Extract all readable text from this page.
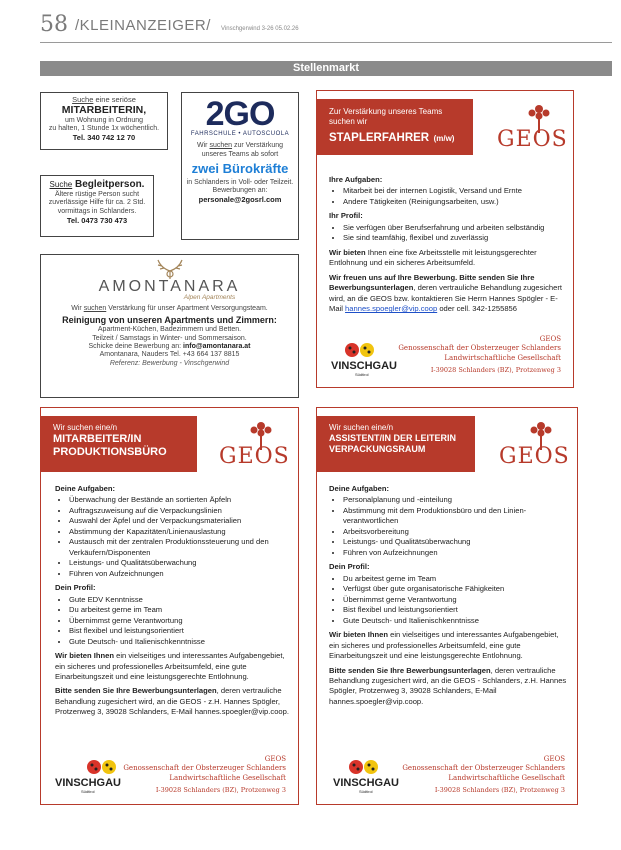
58 /KLEINANZEIGER/ Vinschgerwind 3-26 05.02.26
Stellenmarkt
Suche eine seriöse
MITARBEITERIN,
um Wohnung in Ordnung
zu halten, 1 Stunde 1x wöchentlich.
Tel. 340 742 12 70
Suche Begleitperson.
Ältere rüstige Person sucht
zuverlässige Hilfe für ca. 2 Std.
vormittags in Schlanders.
Tel. 0473 730 473
2GO
FAHRSCHULE • AUTOSCUOLA
Wir suchen zur Verstärkung
unseres Teams ab sofort
zwei Bürokräfte
in Schlanders in Voll- oder Teilzeit.
Bewerbungen an:
personale@2gosrl.com
AMONTANARA
Alpen Apartments
Wir suchen Verstärkung für unser Apartment Versorgungsteam.
Reinigung von unseren Apartments und Zimmern:
Apartment-Küchen, Badezimmern und Betten.
Teilzeit / Samstags in Winter- und Sommersaison.
Schicke deine Bewerbung an: info@amontanara.at
Amontanara, Nauders Tel. +43 664 137 8815
Referenz: Bewerbung - Vinschgerwind
Zur Verstärkung unseres Teams
suchen wir
STAPLERFAHRER (m/w)	GEOS
Ihre Aufgaben:
• Mitarbeit bei der internen Logistik, Versand und Ernte
• Andere Tätigkeiten (Reinigungsarbeiten, usw.)
Ihr Profil:
• Sie verfügen über Berufserfahrung und arbeiten selbständig
• Sie sind teamfähig, flexibel und zuverlässig

Wir bieten Ihnen eine fixe Arbeitsstelle mit leistungsgerechter Entlohnung und ein sicheres Arbeitsumfeld.

Wir freuen uns auf Ihre Bewerbung. Bitte senden Sie Ihre Bewerbungsunterlagen, deren vertrauliche Behandlung zugesichert wird, an die GEOS bzw. kontaktieren Sie Herrn Hannes Spögler - E-Mail hannes.spoegler@vip.coop oder cell. 342-1255856

VINSCHGAU
Südtirol
GEOS
Genossenschaft der Obsterzeuger Schlanders
Landwirtschaftliche Gesellschaft
I-39028 Schlanders (BZ), Protzenweg 3
Wir suchen eine/n
MITARBEITER/IN
PRODUKTIONSBÜRO	GEOS
Deine Aufgaben:
• Überwachung der Bestände an sortierten Äpfeln
• Auftragszuweisung auf die Verpackungslinien
• Auswahl der Äpfel und der Verpackungsmaterialien
• Abstimmung der Kapazitäten/Linienauslastung
• Austausch mit der zentralen Produktionssteuerung und den Verkäufern/Disponenten
• Leistungs- und Qualitätsüberwachung
• Führen von Aufzeichnungen
Dein Profil:
• Gute EDV Kenntnisse
• Du arbeitest gerne im Team
• Übernimmst gerne Verantwortung
• Bist flexibel und leistungsorientiert
• Gute Deutsch- und Italienischkenntnisse

Wir bieten Ihnen ein vielseitiges und interessantes Aufgabengebiet, ein sicheres und professionelles Arbeitsumfeld, eine gute Einarbeitungszeit und eine leistungsgerechte Entlohnung.

Bitte senden Sie Ihre Bewerbungsunterlagen, deren vertrauliche Behandlung zugesichert wird, an die GEOS - z.H. Hannes Spögler, Protzenweg 3, 39028 Schlanders, E-Mail hannes.spoegler@vip.coop.

VINSCHGAU
Südtirol
GEOS
Genossenschaft der Obsterzeuger Schlanders
Landwirtschaftliche Gesellschaft
I-39028 Schlanders (BZ), Protzenweg 3
Wir suchen eine/n
ASSISTENT/IN DER LEITERIN
VERPACKUNGSRAUM	GEOS
Deine Aufgaben:
• Personalplanung und -einteilung
• Abstimmung mit dem Produktionsbüro und den Linien-verantwortlichen
• Arbeitsvorbereitung
• Leistungs- und Qualitätsüberwachung
• Führen von Aufzeichnungen
Dein Profil:
• Du arbeitest gerne im Team
• Verfügst über gute organisatorische Fähigkeiten
• Übernimmst gerne Verantwortung
• Bist flexibel und leistungsorientiert
• Gute Deutsch- und Italienischkenntnisse

Wir bieten Ihnen ein vielseitiges und interessantes Aufgabengebiet, ein sicheres und professionelles Arbeitsumfeld, eine gute Einarbeitungszeit und eine leistungsgerechte Entlohnung.

Bitte senden Sie Ihre Bewerbungsunterlagen, deren vertrauliche Behandlung zugesichert wird, an die GEOS - Schlanders, z.H. Hannes Spögler, Protzenweg 3, 39028 Schlanders, E-Mail hannes.spoegler@vip.coop.

VINSCHGAU
Südtirol
GEOS
Genossenschaft der Obsterzeuger Schlanders
Landwirtschaftliche Gesellschaft
I-39028 Schlanders (BZ), Protzenweg 3
